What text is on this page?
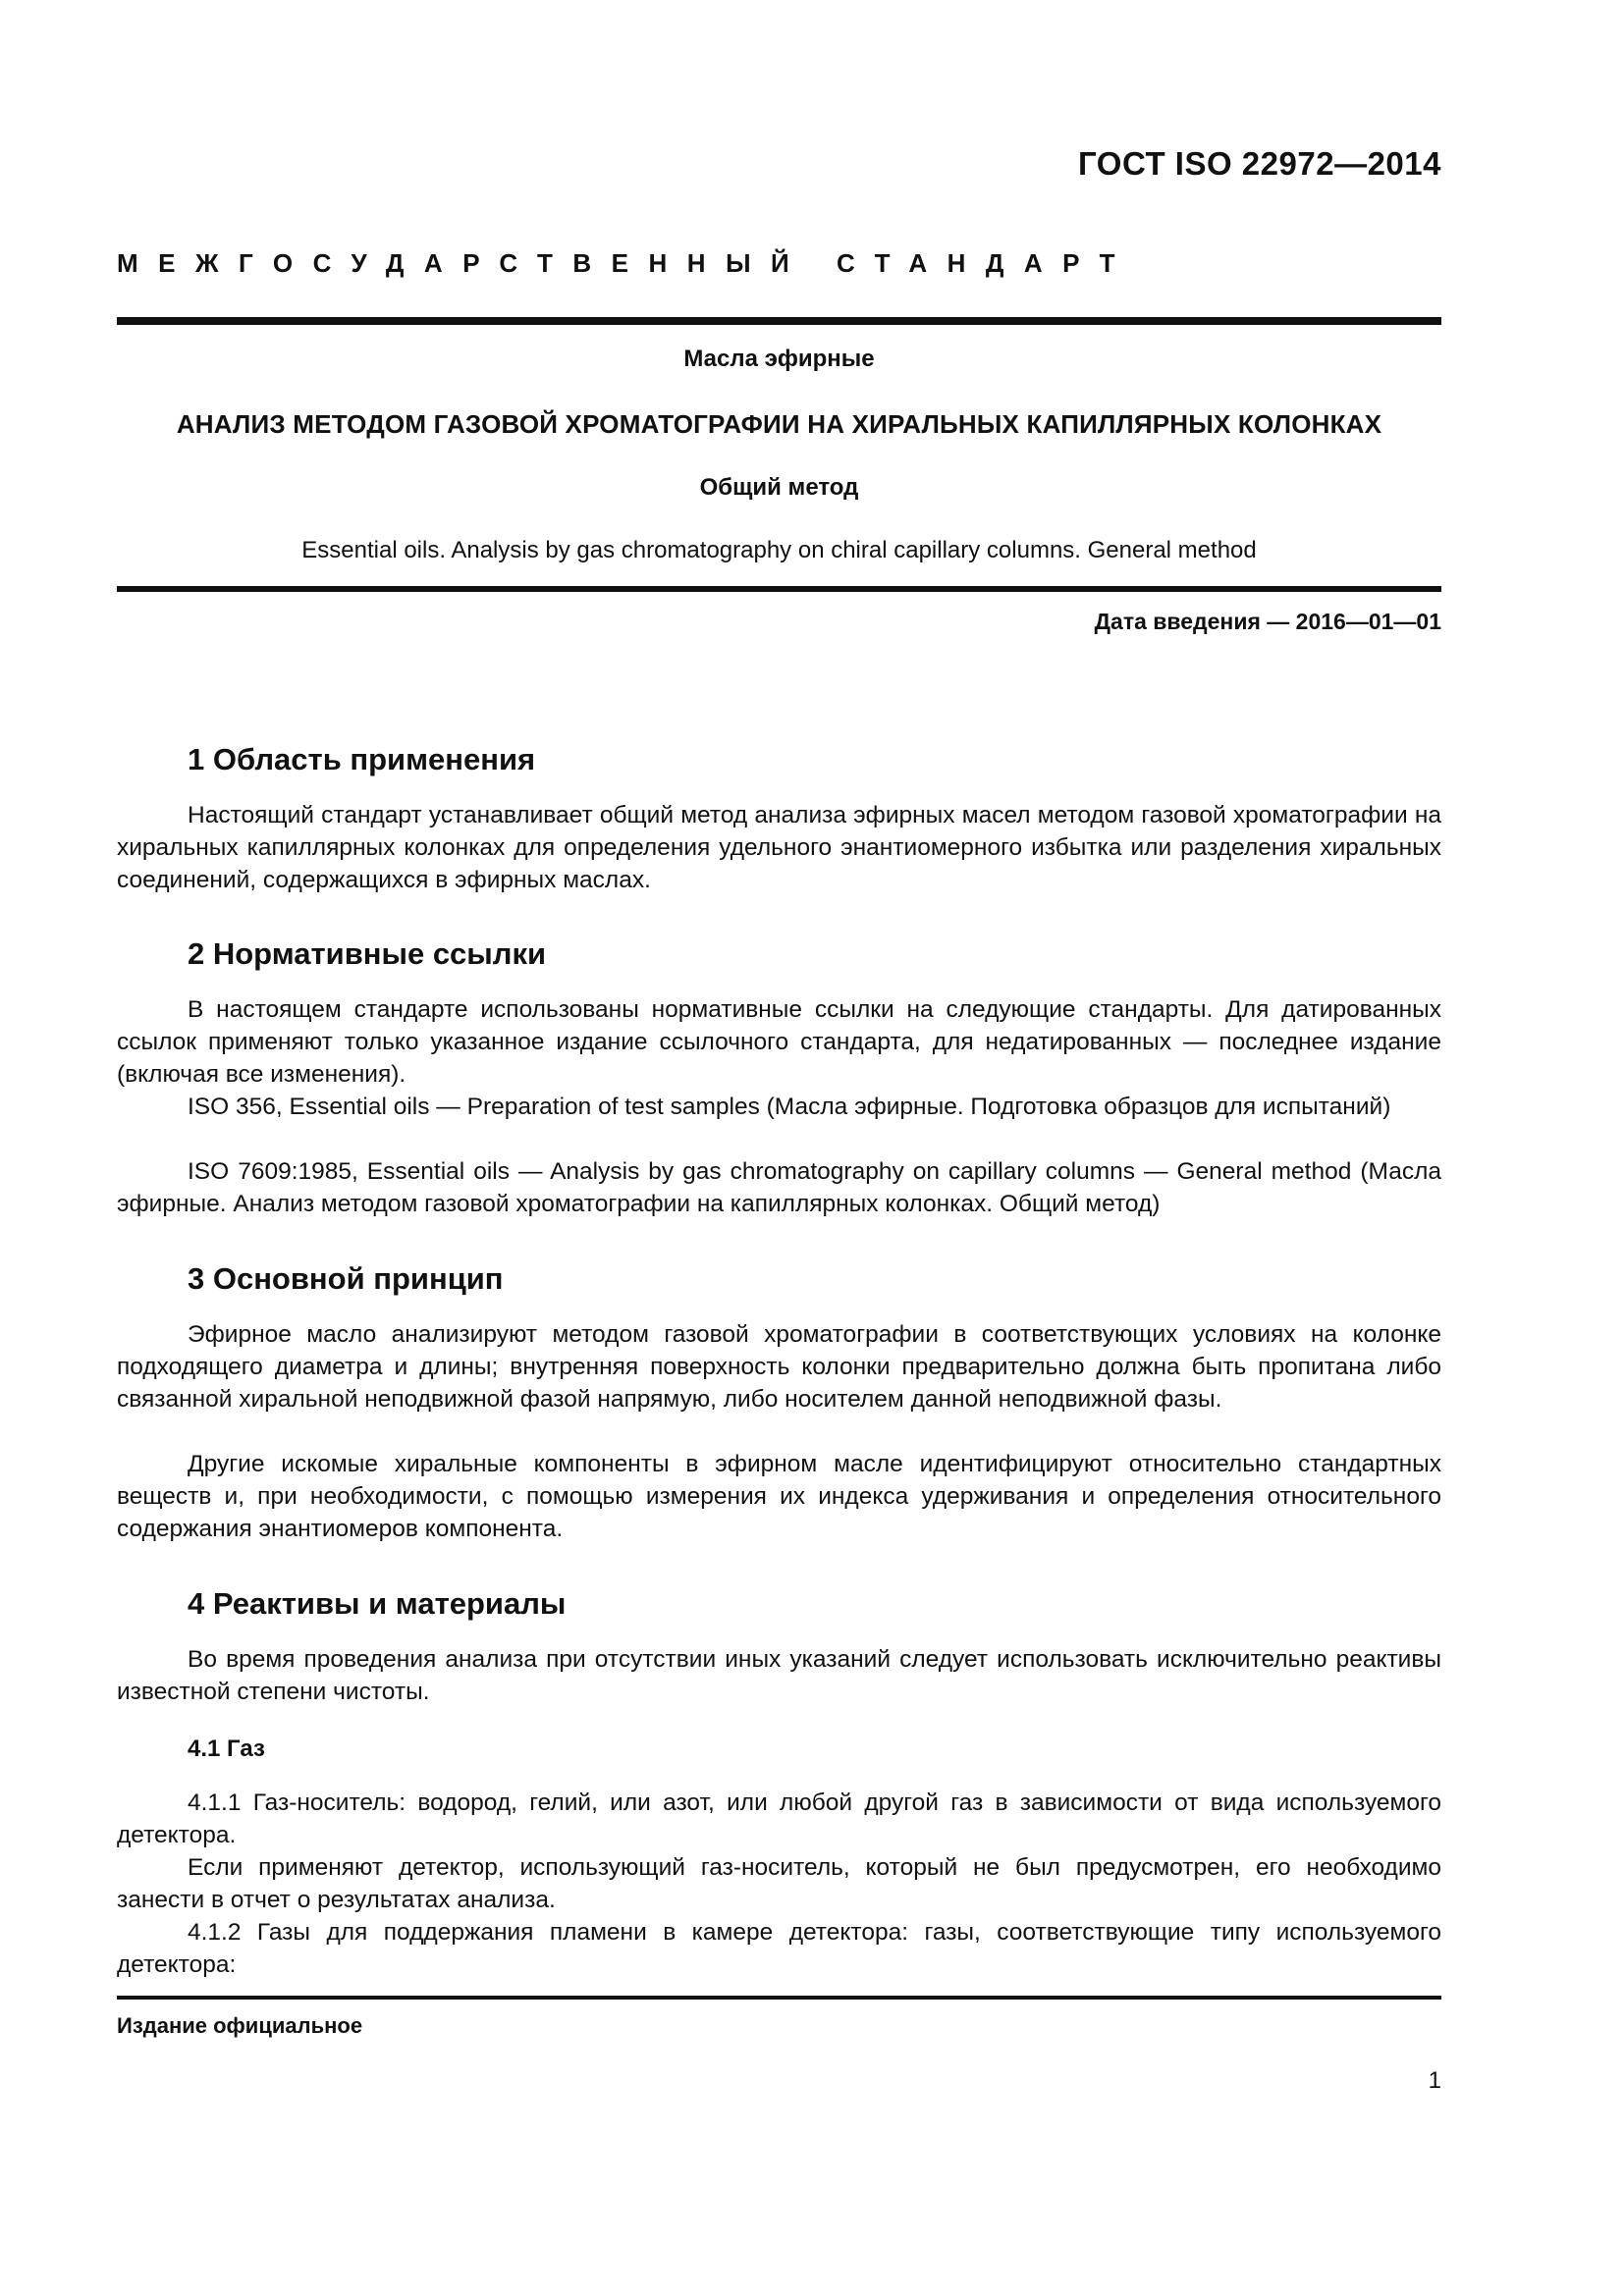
ГОСТ ISO 22972—2014
МЕЖГОСУДАРСТВЕННЫЙ СТАНДАРТ
Масла эфирные
АНАЛИЗ МЕТОДОМ ГАЗОВОЙ ХРОМАТОГРАФИИ НА ХИРАЛЬНЫХ КАПИЛЛЯРНЫХ КОЛОНКАХ
Общий метод
Essential oils. Analysis by gas chromatography on chiral capillary columns. General method
Дата введения — 2016—01—01
1 Область применения
Настоящий стандарт устанавливает общий метод анализа эфирных масел методом газовой хроматографии на хиральных капиллярных колонках для определения удельного энантиомерного избытка или разделения хиральных соединений, содержащихся в эфирных маслах.
2 Нормативные ссылки
В настоящем стандарте использованы нормативные ссылки на следующие стандарты. Для датированных ссылок применяют только указанное издание ссылочного стандарта, для недатированных — последнее издание (включая все изменения).
ISO 356, Essential oils — Preparation of test samples (Масла эфирные. Подготовка образцов для испытаний)
ISO 7609:1985, Essential oils — Analysis by gas chromatography on capillary columns — General method (Масла эфирные. Анализ методом газовой хроматографии на капиллярных колонках. Общий метод)
3 Основной принцип
Эфирное масло анализируют методом газовой хроматографии в соответствующих условиях на колонке подходящего диаметра и длины; внутренняя поверхность колонки предварительно должна быть пропитана либо связанной хиральной неподвижной фазой напрямую, либо носителем данной неподвижной фазы.
Другие искомые хиральные компоненты в эфирном масле идентифицируют относительно стандартных веществ и, при необходимости, с помощью измерения их индекса удерживания и определения относительного содержания энантиомеров компонента.
4 Реактивы и материалы
Во время проведения анализа при отсутствии иных указаний следует использовать исключительно реактивы известной степени чистоты.
4.1 Газ
4.1.1 Газ-носитель: водород, гелий, или азот, или любой другой газ в зависимости от вида используемого детектора.
Если применяют детектор, использующий газ-носитель, который не был предусмотрен, его необходимо занести в отчет о результатах анализа.
4.1.2 Газы для поддержания пламени в камере детектора: газы, соответствующие типу используемого детектора:
Издание официальное
1
